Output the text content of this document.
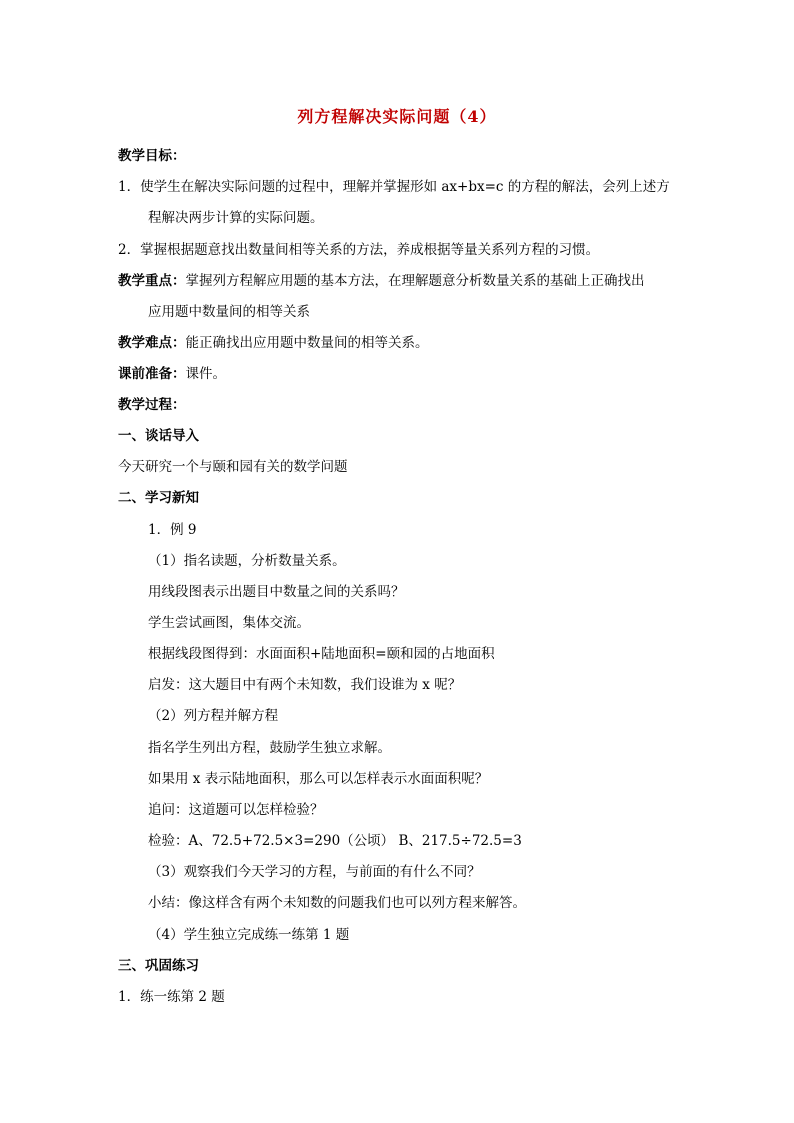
列方程解决实际问题（4）
教学目标：
1．使学生在解决实际问题的过程中，理解并掌握形如 ax+bx=c 的方程的解法，会列上述方
程解决两步计算的实际问题。
2．掌握根据题意找出数量间相等关系的方法，养成根据等量关系列方程的习惯。
教学重点：掌握列方程解应用题的基本方法，在理解题意分析数量关系的基础上正确找出
应用题中数量间的相等关系
教学难点：能正确找出应用题中数量间的相等关系。
课前准备：课件。
教学过程：
一、谈话导入
今天研究一个与颐和园有关的数学问题
二、学习新知
1．例 9
（1）指名读题，分析数量关系。
用线段图表示出题目中数量之间的关系吗？
学生尝试画图，集体交流。
根据线段图得到：水面面积+陆地面积=颐和园的占地面积
启发：这大题目中有两个未知数，我们设谁为 x 呢？
（2）列方程并解方程
指名学生列出方程，鼓励学生独立求解。
如果用 x 表示陆地面积，那么可以怎样表示水面面积呢？
追问：这道题可以怎样检验？
检验：A、72.5+72.5×3=290（公顷） B、217.5÷72.5=3
（3）观察我们今天学习的方程，与前面的有什么不同？
小结：像这样含有两个未知数的问题我们也可以列方程来解答。
（4）学生独立完成练一练第 1 题
三、巩固练习
1．练一练第 2 题
